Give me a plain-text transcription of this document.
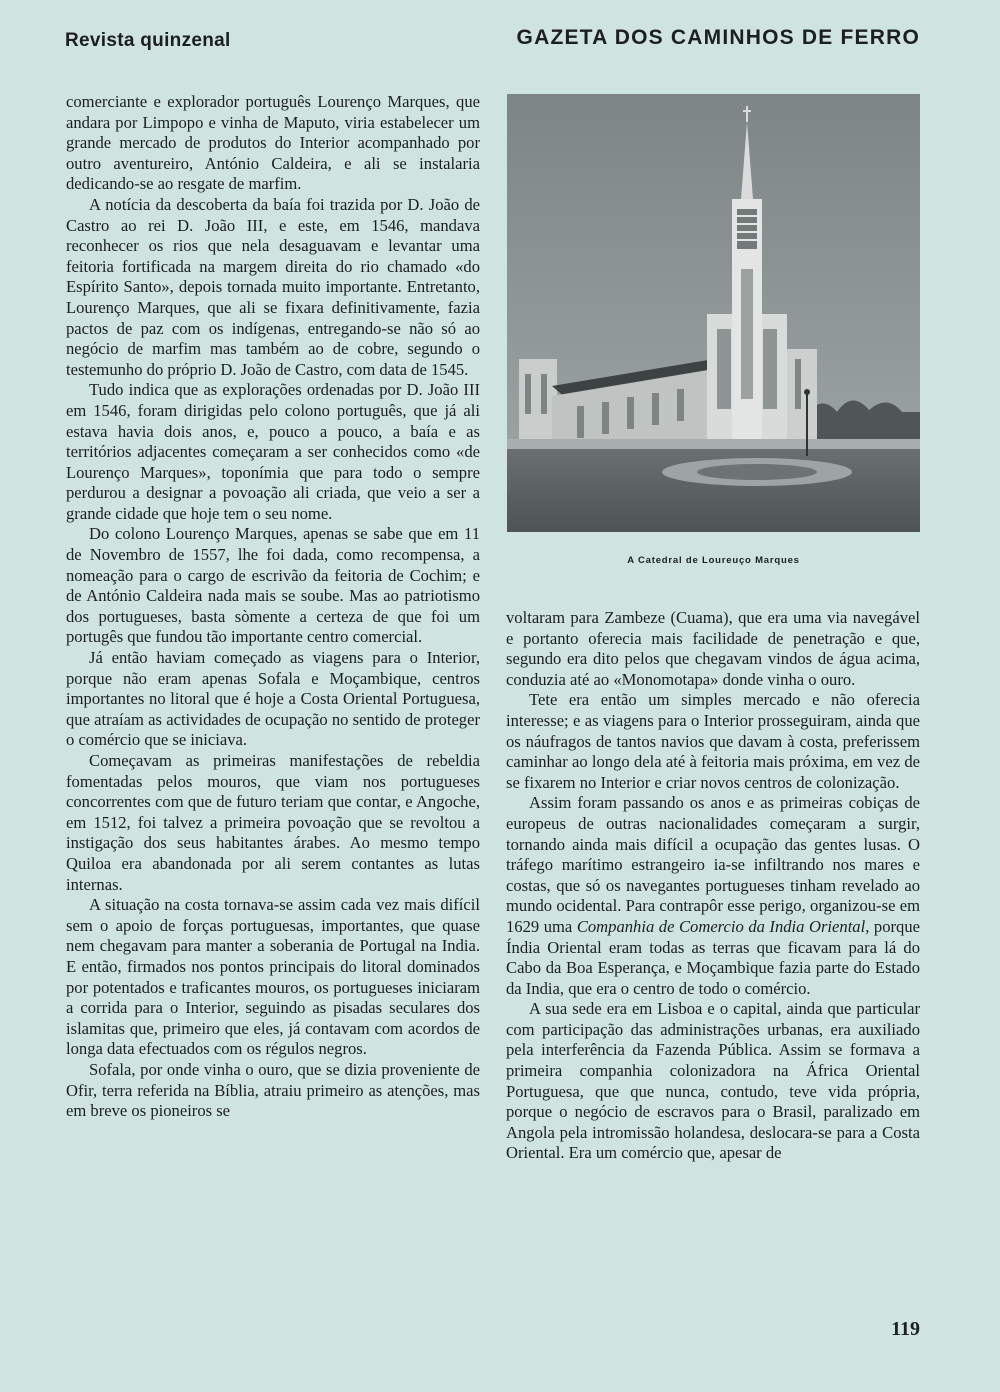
Revista quinzenal	GAZETA DOS CAMINHOS DE FERRO

comerciante e explorador português Lourenço Marques, que andara por Limpopo e vinha de Maputo, viria estabelecer um grande mercado de produtos do Interior acompanhado por outro aventureiro, António Caldeira, e ali se instalaria dedicando-se ao resgate de marfim.

A notícia da descoberta da baía foi trazida por D. João de Castro ao rei D. João III, e este, em 1546, mandava reconhecer os rios que nela desaguavam e levantar uma feitoria fortificada na margem direita do rio chamado «do Espírito Santo», depois tornada muito importante. Entretanto, Lourenço Marques, que ali se fixara definitivamente, fazia pactos de paz com os indígenas, entregando-se não só ao negócio de marfim mas também ao de cobre, segundo o testemunho do próprio D. João de Castro, com data de 1545.

Tudo indica que as explorações ordenadas por D. João III em 1546, foram dirigidas pelo colono português, que já ali estava havia dois anos, e, pouco a pouco, a baía e as territórios adjacentes começaram a ser conhecidos como «de Lourenço Marques», toponímia que para todo o sempre perdurou a designar a povoação ali criada, que veio a ser a grande cidade que hoje tem o seu nome.

Do colono Lourenço Marques, apenas se sabe que em 11 de Novembro de 1557, lhe foi dada, como recompensa, a nomeação para o cargo de escrivão da feitoria de Cochim; e de António Caldeira nada mais se soube. Mas ao patriotismo dos portugueses, basta sòmente a certeza de que foi um portugês que fundou tão importante centro comercial.

Já então haviam começado as viagens para o Interior, porque não eram apenas Sofala e Moçambique, centros importantes no litoral que é hoje a Costa Oriental Portuguesa, que atraíam as actividades de ocupação no sentido de proteger o comércio que se iniciava.

Começavam as primeiras manifestações de rebeldia fomentadas pelos mouros, que viam nos portugueses concorrentes com que de futuro teriam que contar, e Angoche, em 1512, foi talvez a primeira povoação que se revoltou a instigação dos seus habitantes árabes. Ao mesmo tempo Quiloa era abandonada por ali serem contantes as lutas internas.

A situação na costa tornava-se assim cada vez mais difícil sem o apoio de forças portuguesas, importantes, que quase nem chegavam para manter a soberania de Portugal na India. E então, firmados nos pontos principais do litoral dominados por potentados e traficantes mouros, os portugueses iniciaram a corrida para o Interior, seguindo as pisadas seculares dos islamitas que, primeiro que eles, já contavam com acordos de longa data efectuados com os régulos negros.

Sofala, por onde vinha o ouro, que se dizia proveniente de Ofir, terra referida na Bíblia, atraiu primeiro as atenções, mas em breve os pioneiros se

A Catedral de Loureuço Marques

voltaram para Zambeze (Cuama), que era uma via navegável e portanto oferecia mais facilidade de penetração e que, segundo era dito pelos que chegavam vindos de água acima, conduzia até ao «Monomotapa» donde vinha o ouro.

Tete era então um simples mercado e não oferecia interesse; e as viagens para o Interior prosseguiram, ainda que os náufragos de tantos navios que davam à costa, preferissem caminhar ao longo dela até à feitoria mais próxima, em vez de se fixarem no Interior e criar novos centros de colonização.

Assim foram passando os anos e as primeiras cobiças de europeus de outras nacionalidades começaram a surgir, tornando ainda mais difícil a ocupação das gentes lusas. O tráfego marítimo estrangeiro ia-se infiltrando nos mares e costas, que só os navegantes portugueses tinham revelado ao mundo ocidental. Para contrapôr esse perigo, organizou-se em 1629 uma Companhia de Comercio da India Oriental, porque Índia Oriental eram todas as terras que ficavam para lá do Cabo da Boa Esperança, e Moçambique fazia parte do Estado da India, que era o centro de todo o comércio.

A sua sede era em Lisboa e o capital, ainda que particular com participação das administrações urbanas, era auxiliado pela interferência da Fazenda Pública. Assim se formava a primeira companhia colonizadora na África Oriental Portuguesa, que que nunca, contudo, teve vida própria, porque o negócio de escravos para o Brasil, paralizado em Angola pela intromissão holandesa, deslocara-se para a Costa Oriental. Era um comércio que, apesar de

119
